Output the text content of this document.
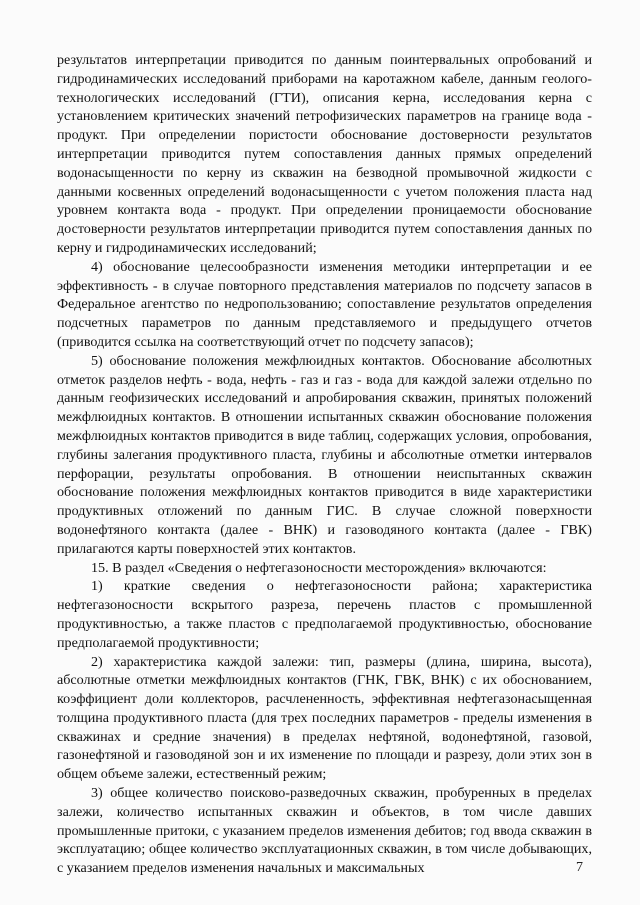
результатов интерпретации приводится по данным поинтервальных опробований и гидродинамических исследований приборами на каротажном кабеле, данным геолого-технологических исследований (ГТИ), описания керна, исследования керна с установлением критических значений петрофизических параметров на границе вода - продукт. При определении пористости обоснование достоверности результатов интерпретации приводится путем сопоставления данных прямых определений водонасыщенности по керну из скважин на безводной промывочной жидкости с данными косвенных определений водонасыщенности с учетом положения пласта над уровнем контакта вода - продукт. При определении проницаемости обоснование достоверности результатов интерпретации приводится путем сопоставления данных по керну и гидродинамических исследований;

4) обоснование целесообразности изменения методики интерпретации и ее эффективность - в случае повторного представления материалов по подсчету запасов в Федеральное агентство по недропользованию; сопоставление результатов определения подсчетных параметров по данным представляемого и предыдущего отчетов (приводится ссылка на соответствующий отчет по подсчету запасов);

5) обоснование положения межфлюидных контактов. Обоснование абсолютных отметок разделов нефть - вода, нефть - газ и газ - вода для каждой залежи отдельно по данным геофизических исследований и апробирования скважин, принятых положений межфлюидных контактов. В отношении испытанных скважин обоснование положения межфлюидных контактов приводится в виде таблиц, содержащих условия, опробования, глубины залегания продуктивного пласта, глубины и абсолютные отметки интервалов перфорации, результаты опробования. В отношении неиспытанных скважин обоснование положения межфлюидных контактов приводится в виде характеристики продуктивных отложений по данным ГИС. В случае сложной поверхности водонефтяного контакта (далее - ВНК) и газоводяного контакта (далее - ГВК) прилагаются карты поверхностей этих контактов.

15. В раздел «Сведения о нефтегазоносности месторождения» включаются:

1) краткие сведения о нефтегазоносности района; характеристика нефтегазоносности вскрытого разреза, перечень пластов с промышленной продуктивностью, а также пластов с предполагаемой продуктивностью, обоснование предполагаемой продуктивности;

2) характеристика каждой залежи: тип, размеры (длина, ширина, высота), абсолютные отметки межфлюидных контактов (ГНК, ГВК, ВНК) с их обоснованием, коэффициент доли коллекторов, расчлененность, эффективная нефтегазонасыщенная толщина продуктивного пласта (для трех последних параметров - пределы изменения в скважинах и средние значения) в пределах нефтяной, водонефтяной, газовой, газонефтяной и газоводяной зон и их изменение по площади и разрезу, доли этих зон в общем объеме залежи, естественный режим;

3) общее количество поисково-разведочных скважин, пробуренных в пределах залежи, количество испытанных скважин и объектов, в том числе давших промышленные притоки, с указанием пределов изменения дебитов; год ввода скважин в эксплуатацию; общее количество эксплуатационных скважин, в том числе добывающих, с указанием пределов изменения начальных и максимальных	7
